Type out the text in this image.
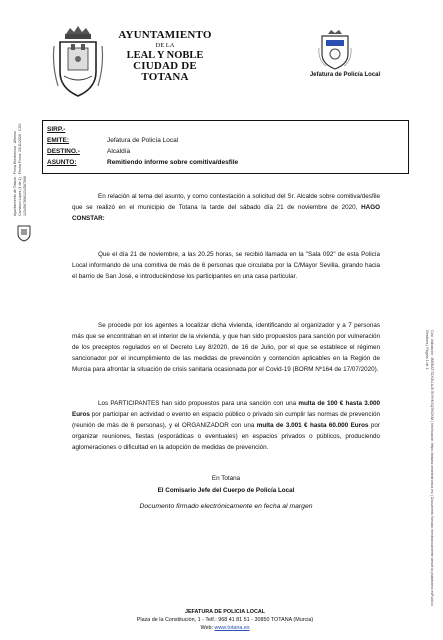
AYUNTAMIENTO
DE LA
LEAL Y NOBLE
CIUDAD DE TOTANA	Jefatura de Policía Local
Ayuntamiento de Totana · Firma Electrónica · Alfonso Carrasco López (1 de 1) · Fecha Firma: 23/11/2020 · CSV: 12345678901234567890
Cód. Validación: 4NEEAT7DXGU AJK7EYHKSQ7NCKM | Verificación: https://totana.sedelectronica.es/ | Documento firmado electrónicamente desde la plataforma esPublico Gestiona | Página 1 de 1
SIRP.-
EMITE:	Jefatura de Policía Local
DESTINO.-	Alcaldía
ASUNTO:	Remitiendo informe sobre comitiva/desfile
En relación al tema del asunto, y como contestación a solicitud del Sr. Alcalde sobre comitiva/desfile que se realizó en el municipio de Totana la tarde del sábado día 21 de noviembre de 2020, HAGO CONSTAR:
Que el día 21 de noviembre, a las 20.25 horas, se recibió llamada en la "Sala 092" de esta Policía Local informando de una comitiva de más de 6 personas que circulaba por la C/Mayor Sevilla, girando hacia el barrio de San José, e introduciéndose los participantes en una casa particular.
Se procede por los agentes a localizar dicha vivienda, identificando al organizador y a 7 personas más que se encontraban en el interior de la vivienda, y que han sido propuestos para sanción por vulneración de los preceptos regulados en el Decreto Ley 8/2020, de 16 de Julio, por el que se establece el régimen sancionador por el incumplimiento de las medidas de prevención y contención aplicables en la Región de Murcia para afrontar la situación de crisis sanitaria ocasionada por el Covid-19 (BORM Nº164 de 17/07/2020).
Los PARTICIPANTES han sido propuestos para una sanción con una multa de 100 € hasta 3.000 Euros por participar en actividad o evento en espacio público o privado sin cumplir las normas de prevención (reunión de más de 6 personas), y el ORGANIZADOR con una multa de 3.001 € hasta 60.000 Euros por organizar reuniones, fiestas (esporádicas o eventuales) en espacios privados o públicos, produciendo aglomeraciones o dificultad en la adopción de medidas de prevención.
En Totana
El Comisario Jefe del Cuerpo de Policía Local
Documento firmado electrónicamente en fecha al margen
JEFATURA DE POLICIA LOCAL
Plaza de la Constitución, 1 - Telf.: 968 41 81 51 - 30850 TOTANA (Murcia)
Web: www.totana.es
